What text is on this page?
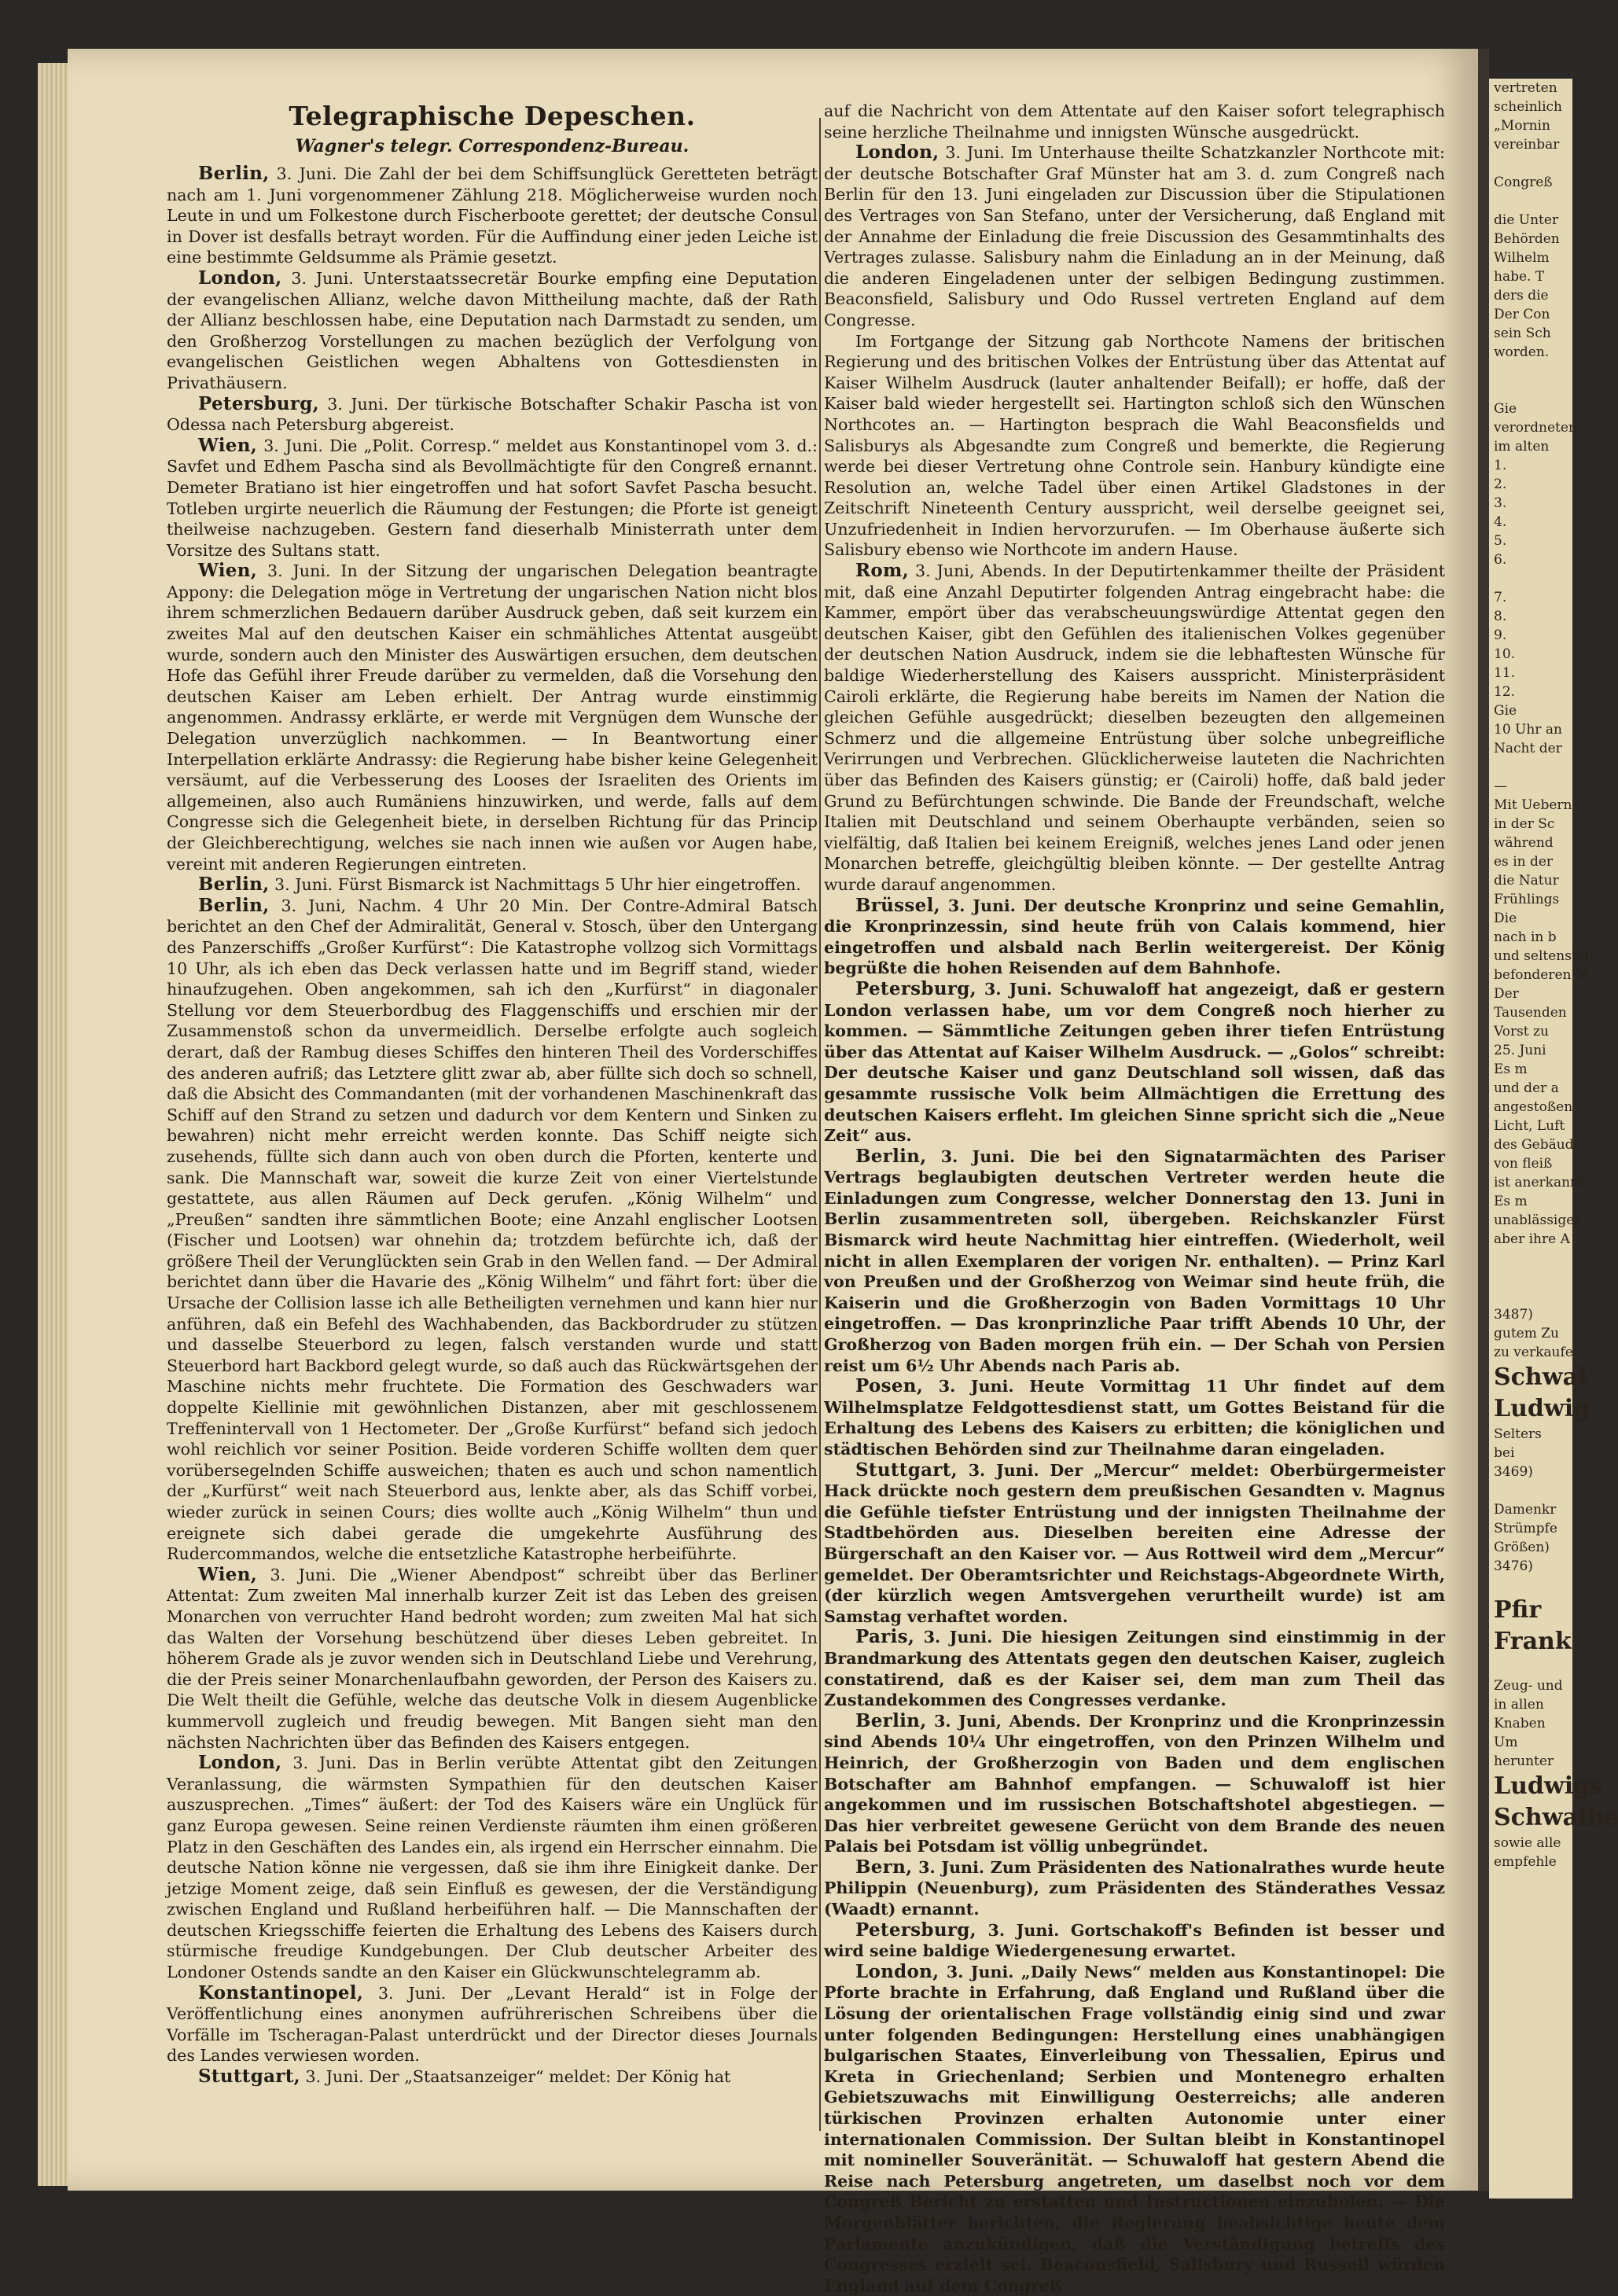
Telegraphische Depeschen.
Wagner's telegr. Correspondenz-Bureau.

Berlin, 3. Juni. Die Zahl der bei dem Schiffsunglück Geretteten beträgt nach am 1. Juni vorgenommener Zählung 218. Möglicherweise wurden noch Leute in und um Folkestone durch Fischerboote gerettet; der deutsche Consul in Dover ist desfalls betrayt worden. Für die Auffindung einer jeden Leiche ist eine bestimmte Geldsumme als Prämie gesetzt.

London, 3. Juni. Unterstaatssecretär Bourke empfing eine Deputation der evangelischen Allianz, welche davon Mittheilung machte, daß der Rath der Allianz beschlossen habe, eine Deputation nach Darmstadt zu senden, um den Großherzog Vorstellungen zu machen bezüglich der Verfolgung von evangelischen Geistlichen wegen Abhaltens von Gottesdiensten in Privathäusern.

Petersburg, 3. Juni. Der türkische Botschafter Schakir Pascha ist von Odessa nach Petersburg abgereist.

Wien, 3. Juni. Die „Polit. Corresp.“ meldet aus Konstantinopel vom 3. d.: Savfet und Edhem Pascha sind als Bevollmächtigte für den Congreß ernannt. Demeter Bratiano ist hier eingetroffen und hat sofort Savfet Pascha besucht. Totleben urgirte neuerlich die Räumung der Festungen; die Pforte ist geneigt theilweise nachzugeben. Gestern fand dieserhalb Ministerrath unter dem Vorsitze des Sultans statt.

Wien, 3. Juni. In der Sitzung der ungarischen Delegation beantragte Appony: die Delegation möge in Vertretung der ungarischen Nation nicht blos ihrem schmerzlichen Bedauern darüber Ausdruck geben, daß seit kurzem ein zweites Mal auf den deutschen Kaiser ein schmähliches Attentat ausgeübt wurde, sondern auch den Minister des Auswärtigen ersuchen, dem deutschen Hofe das Gefühl ihrer Freude darüber zu vermelden, daß die Vorsehung den deutschen Kaiser am Leben erhielt. Der Antrag wurde einstimmig angenommen. Andrassy erklärte, er werde mit Vergnügen dem Wunsche der Delegation unverzüglich nachkommen. — In Beantwortung einer Interpellation erklärte Andrassy: die Regierung habe bisher keine Gelegenheit versäumt, auf die Verbesserung des Looses der Israeliten des Orients im allgemeinen, also auch Rumäniens hinzuwirken, und werde, falls auf dem Congresse sich die Gelegenheit biete, in derselben Richtung für das Princip der Gleichberechtigung, welches sie nach innen wie außen vor Augen habe, vereint mit anderen Regierungen eintreten.

Berlin, 3. Juni. Fürst Bismarck ist Nachmittags 5 Uhr hier eingetroffen.

Berlin, 3. Juni, Nachm. 4 Uhr 20 Min. Der Contre-Admiral Batsch berichtet an den Chef der Admiralität, General v. Stosch, über den Untergang des Panzerschiffs „Großer Kurfürst“: Die Katastrophe vollzog sich Vormittags 10 Uhr, als ich eben das Deck verlassen hatte und im Begriff stand, wieder hinaufzugehen. Oben angekommen, sah ich den „Kurfürst“ in diagonaler Stellung vor dem Steuerbordbug des Flaggenschiffs und erschien mir der Zusammenstoß schon da unvermeidlich. Derselbe erfolgte auch sogleich derart, daß der Rambug dieses Schiffes den hinteren Theil des Vorderschiffes des anderen aufriß; das Letztere glitt zwar ab, aber füllte sich doch so schnell, daß die Absicht des Commandanten (mit der vorhandenen Maschinenkraft das Schiff auf den Strand zu setzen und dadurch vor dem Kentern und Sinken zu bewahren) nicht mehr erreicht werden konnte. Das Schiff neigte sich zusehends, füllte sich dann auch von oben durch die Pforten, kenterte und sank. Die Mannschaft war, soweit die kurze Zeit von einer Viertelstunde gestattete, aus allen Räumen auf Deck gerufen. „König Wilhelm“ und „Preußen“ sandten ihre sämmtlichen Boote; eine Anzahl englischer Lootsen (Fischer und Lootsen) war ohnehin da; trotzdem befürchte ich, daß der größere Theil der Verunglückten sein Grab in den Wellen fand. — Der Admiral berichtet dann über die Havarie des „König Wilhelm“ und fährt fort: über die Ursache der Collision lasse ich alle Betheiligten vernehmen und kann hier nur anführen, daß ein Befehl des Wachhabenden, das Backbordruder zu stützen und dasselbe Steuerbord zu legen, falsch verstanden wurde und statt Steuerbord hart Backbord gelegt wurde, so daß auch das Rückwärtsgehen der Maschine nichts mehr fruchtete. Die Formation des Geschwaders war doppelte Kiellinie mit gewöhnlichen Distanzen, aber mit geschlossenem Treffenintervall von 1 Hectometer. Der „Große Kurfürst“ befand sich jedoch wohl reichlich vor seiner Position. Beide vorderen Schiffe wollten dem quer vorübersegelnden Schiffe ausweichen; thaten es auch und schon namentlich der „Kurfürst“ weit nach Steuerbord aus, lenkte aber, als das Schiff vorbei, wieder zurück in seinen Cours; dies wollte auch „König Wilhelm“ thun und ereignete sich dabei gerade die umgekehrte Ausführung des Rudercommandos, welche die entsetzliche Katastrophe herbeiführte.

Wien, 3. Juni. Die „Wiener Abendpost“ schreibt über das Berliner Attentat: Zum zweiten Mal innerhalb kurzer Zeit ist das Leben des greisen Monarchen von verruchter Hand bedroht worden; zum zweiten Mal hat sich das Walten der Vorsehung beschützend über dieses Leben gebreitet. In höherem Grade als je zuvor wenden sich in Deutschland Liebe und Verehrung, die der Preis seiner Monarchenlaufbahn geworden, der Person des Kaisers zu. Die Welt theilt die Gefühle, welche das deutsche Volk in diesem Augenblicke kummervoll zugleich und freudig bewegen. Mit Bangen sieht man den nächsten Nachrichten über das Befinden des Kaisers entgegen.

London, 3. Juni. Das in Berlin verübte Attentat gibt den Zeitungen Veranlassung, die wärmsten Sympathien für den deutschen Kaiser auszusprechen. „Times“ äußert: der Tod des Kaisers wäre ein Unglück für ganz Europa gewesen. Seine reinen Verdienste räumten ihm einen größeren Platz in den Geschäften des Landes ein, als irgend ein Herrscher einnahm. Die deutsche Nation könne nie vergessen, daß sie ihm ihre Einigkeit danke. Der jetzige Moment zeige, daß sein Einfluß es gewesen, der die Verständigung zwischen England und Rußland herbeiführen half. — Die Mannschaften der deutschen Kriegsschiffe feierten die Erhaltung des Lebens des Kaisers durch stürmische freudige Kundgebungen. Der Club deutscher Arbeiter des Londoner Ostends sandte an den Kaiser ein Glückwunschtelegramm ab.

Konstantinopel, 3. Juni. Der „Levant Herald“ ist in Folge der Veröffentlichung eines anonymen aufrührerischen Schreibens über die Vorfälle im Tscheragan-Palast unterdrückt und der Director dieses Journals des Landes verwiesen worden.

Stuttgart, 3. Juni. Der „Staatsanzeiger“ meldet: Der König hat

auf die Nachricht von dem Attentate auf den Kaiser sofort telegraphisch seine herzliche Theilnahme und innigsten Wünsche ausgedrückt.

London, 3. Juni. Im Unterhause theilte Schatzkanzler Northcote mit: der deutsche Botschafter Graf Münster hat am 3. d. zum Congreß nach Berlin für den 13. Juni eingeladen zur Discussion über die Stipulationen des Vertrages von San Stefano, unter der Versicherung, daß England mit der Annahme der Einladung die freie Discussion des Gesammtinhalts des Vertrages zulasse. Salisbury nahm die Einladung an in der Meinung, daß die anderen Eingeladenen unter der selbigen Bedingung zustimmen. Beaconsfield, Salisbury und Odo Russel vertreten England auf dem Congresse.

Im Fortgange der Sitzung gab Northcote Namens der britischen Regierung und des britischen Volkes der Entrüstung über das Attentat auf Kaiser Wilhelm Ausdruck (lauter anhaltender Beifall); er hoffe, daß der Kaiser bald wieder hergestellt sei. Hartington schloß sich den Wünschen Northcotes an. — Hartington besprach die Wahl Beaconsfields und Salisburys als Abgesandte zum Congreß und bemerkte, die Regierung werde bei dieser Vertretung ohne Controle sein. Hanbury kündigte eine Resolution an, welche Tadel über einen Artikel Gladstones in der Zeitschrift Nineteenth Century ausspricht, weil derselbe geeignet sei, Unzufriedenheit in Indien hervorzurufen. — Im Oberhause äußerte sich Salisbury ebenso wie Northcote im andern Hause.

Rom, 3. Juni, Abends. In der Deputirtenkammer theilte der Präsident mit, daß eine Anzahl Deputirter folgenden Antrag eingebracht habe: die Kammer, empört über das verabscheuungswürdige Attentat gegen den deutschen Kaiser, gibt den Gefühlen des italienischen Volkes gegenüber der deutschen Nation Ausdruck, indem sie die lebhaftesten Wünsche für baldige Wiederherstellung des Kaisers ausspricht. Ministerpräsident Cairoli erklärte, die Regierung habe bereits im Namen der Nation die gleichen Gefühle ausgedrückt; dieselben bezeugten den allgemeinen Schmerz und die allgemeine Entrüstung über solche unbegreifliche Verirrungen und Verbrechen. Glücklicherweise lauteten die Nachrichten über das Befinden des Kaisers günstig; er (Cairoli) hoffe, daß bald jeder Grund zu Befürchtungen schwinde. Die Bande der Freundschaft, welche Italien mit Deutschland und seinem Oberhaupte verbänden, seien so vielfältig, daß Italien bei keinem Ereigniß, welches jenes Land oder jenen Monarchen betreffe, gleichgültig bleiben könnte. — Der gestellte Antrag wurde darauf angenommen.

Brüssel, 3. Juni. Der deutsche Kronprinz und seine Gemahlin, die Kronprinzessin, sind heute früh von Calais kommend, hier eingetroffen und alsbald nach Berlin weitergereist. Der König begrüßte die hohen Reisenden auf dem Bahnhofe.

Petersburg, 3. Juni. Schuwaloff hat angezeigt, daß er gestern London verlassen habe, um vor dem Congreß noch hierher zu kommen. — Sämmtliche Zeitungen geben ihrer tiefen Entrüstung über das Attentat auf Kaiser Wilhelm Ausdruck. — „Golos“ schreibt: Der deutsche Kaiser und ganz Deutschland soll wissen, daß das gesammte russische Volk beim Allmächtigen die Errettung des deutschen Kaisers erfleht. Im gleichen Sinne spricht sich die „Neue Zeit“ aus.

Berlin, 3. Juni. Die bei den Signatarmächten des Pariser Vertrags beglaubigten deutschen Vertreter werden heute die Einladungen zum Congresse, welcher Donnerstag den 13. Juni in Berlin zusammentreten soll, übergeben. Reichskanzler Fürst Bismarck wird heute Nachmittag hier eintreffen. (Wiederholt, weil nicht in allen Exemplaren der vorigen Nr. enthalten). — Prinz Karl von Preußen und der Großherzog von Weimar sind heute früh, die Kaiserin und die Großherzogin von Baden Vormittags 10 Uhr eingetroffen. — Das kronprinzliche Paar trifft Abends 10 Uhr, der Großherzog von Baden morgen früh ein. — Der Schah von Persien reist um 6½ Uhr Abends nach Paris ab.

Posen, 3. Juni. Heute Vormittag 11 Uhr findet auf dem Wilhelmsplatze Feldgottesdienst statt, um Gottes Beistand für die Erhaltung des Lebens des Kaisers zu erbitten; die königlichen und städtischen Behörden sind zur Theilnahme daran eingeladen.

Stuttgart, 3. Juni. Der „Mercur“ meldet: Oberbürgermeister Hack drückte noch gestern dem preußischen Gesandten v. Magnus die Gefühle tiefster Entrüstung und der innigsten Theilnahme der Stadtbehörden aus. Dieselben bereiten eine Adresse der Bürgerschaft an den Kaiser vor. — Aus Rottweil wird dem „Mercur“ gemeldet. Der Oberamtsrichter und Reichstags-Abgeordnete Wirth, (der kürzlich wegen Amtsvergehen verurtheilt wurde) ist am Samstag verhaftet worden.

Paris, 3. Juni. Die hiesigen Zeitungen sind einstimmig in der Brandmarkung des Attentats gegen den deutschen Kaiser, zugleich constatirend, daß es der Kaiser sei, dem man zum Theil das Zustandekommen des Congresses verdanke.

Berlin, 3. Juni, Abends. Der Kronprinz und die Kronprinzessin sind Abends 10¼ Uhr eingetroffen, von den Prinzen Wilhelm und Heinrich, der Großherzogin von Baden und dem englischen Botschafter am Bahnhof empfangen. — Schuwaloff ist hier angekommen und im russischen Botschaftshotel abgestiegen. — Das hier verbreitet gewesene Gerücht von dem Brande des neuen Palais bei Potsdam ist völlig unbegründet.

Bern, 3. Juni. Zum Präsidenten des Nationalrathes wurde heute Philippin (Neuenburg), zum Präsidenten des Ständerathes Vessaz (Waadt) ernannt.

Petersburg, 3. Juni. Gortschakoff's Befinden ist besser und wird seine baldige Wiedergenesung erwartet.

London, 3. Juni. „Daily News“ melden aus Konstantinopel: Die Pforte brachte in Erfahrung, daß England und Rußland über die Lösung der orientalischen Frage vollständig einig sind und zwar unter folgenden Bedingungen: Herstellung eines unabhängigen bulgarischen Staates, Einverleibung von Thessalien, Epirus und Kreta in Griechenland; Serbien und Montenegro erhalten Gebietszuwachs mit Einwilligung Oesterreichs; alle anderen türkischen Provinzen erhalten Autonomie unter einer internationalen Commission. Der Sultan bleibt in Konstantinopel mit nomineller Souveränität. — Schuwaloff hat gestern Abend die Reise nach Petersburg angetreten, um daselbst noch vor dem Congreß Bericht zu erstatten und Instructionen einzuholen. — Die Morgenblätter berichten, die Regierung beabsichtige heute dem Parlamente anzukündigen, daß die Verständigung betreffs des Congresses erzielt sei. Beaconsfield, Salisbury und Russell würden England auf dem Congreß

vertreten
scheinlich
„Mornin
vereinbar

Congreß

die Unter
Behörden
Wilhelm
habe. T
ders die
Der Con
sein Sch
worden.

Gie
verordneten
im alten
1.
2.
3.
4.
5.
6.

7.
8.
9.
10.
11.
12.
Gie
10 Uhr an
Nacht der

—
Mit Uebern
in der Sc
während
es in der
die Natur
Frühlings
Die
nach in b
und seltensten
befonderen M
Der
Tausenden
Vorst zu
25. Juni
Es m
und der a
angestoßen
Licht, Luft
des Gebäude
von fleiß
ist anerkannt
Es m
unablässiger
aber ihre A

3487)
gutem Zu
zu verkaufen
Schwal
Ludwig
Selters
bei
3469)

Damenkr
Strümpfe
Größen)
3476)

Pfir
Frank

Zeug- und
in allen
Knaben
Um
herunter
Ludwigs
Schwalbe
sowie alle
empfehle
